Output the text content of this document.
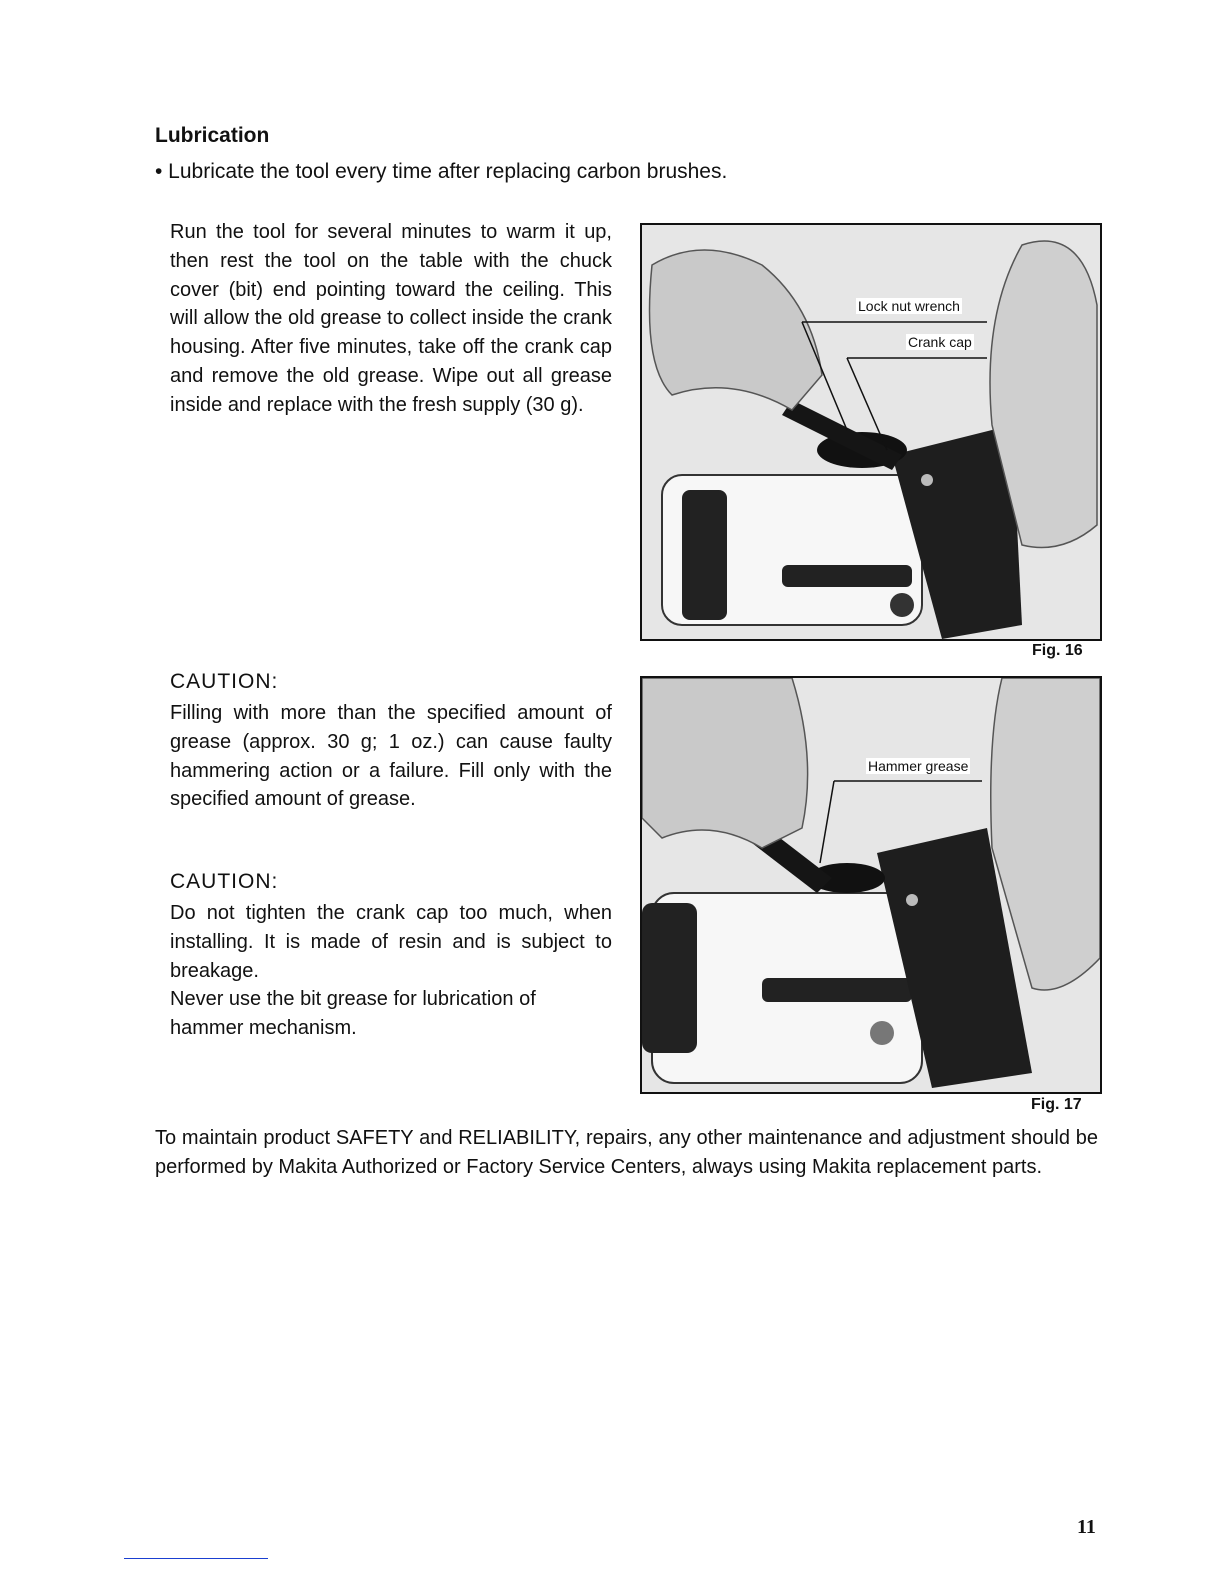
Lubrication
• Lubricate the tool every time after replacing carbon brushes.
Run the tool for several minutes to warm it up, then rest the tool on the table with the chuck cover (bit) end pointing toward the ceiling. This will allow the old grease to collect inside the crank housing. After five minutes, take off the crank cap and remove the old grease. Wipe out all grease inside and replace with the fresh supply (30 g).
Lock nut wrench
Crank cap
Fig. 16
CAUTION:
Filling with more than the specified amount of grease (approx. 30 g; 1 oz.) can cause faulty hammering action or a failure. Fill only with the specified amount of grease.
Hammer grease
Fig. 17
CAUTION:
Do not tighten the crank cap too much, when installing. It is made of resin and is subject to breakage.
Never use the bit grease for lubrication of hammer mechanism.
To maintain product SAFETY and RELIABILITY, repairs, any other maintenance and adjustment should be performed by Makita Authorized or Factory Service Centers, always using Makita replacement parts.
11
